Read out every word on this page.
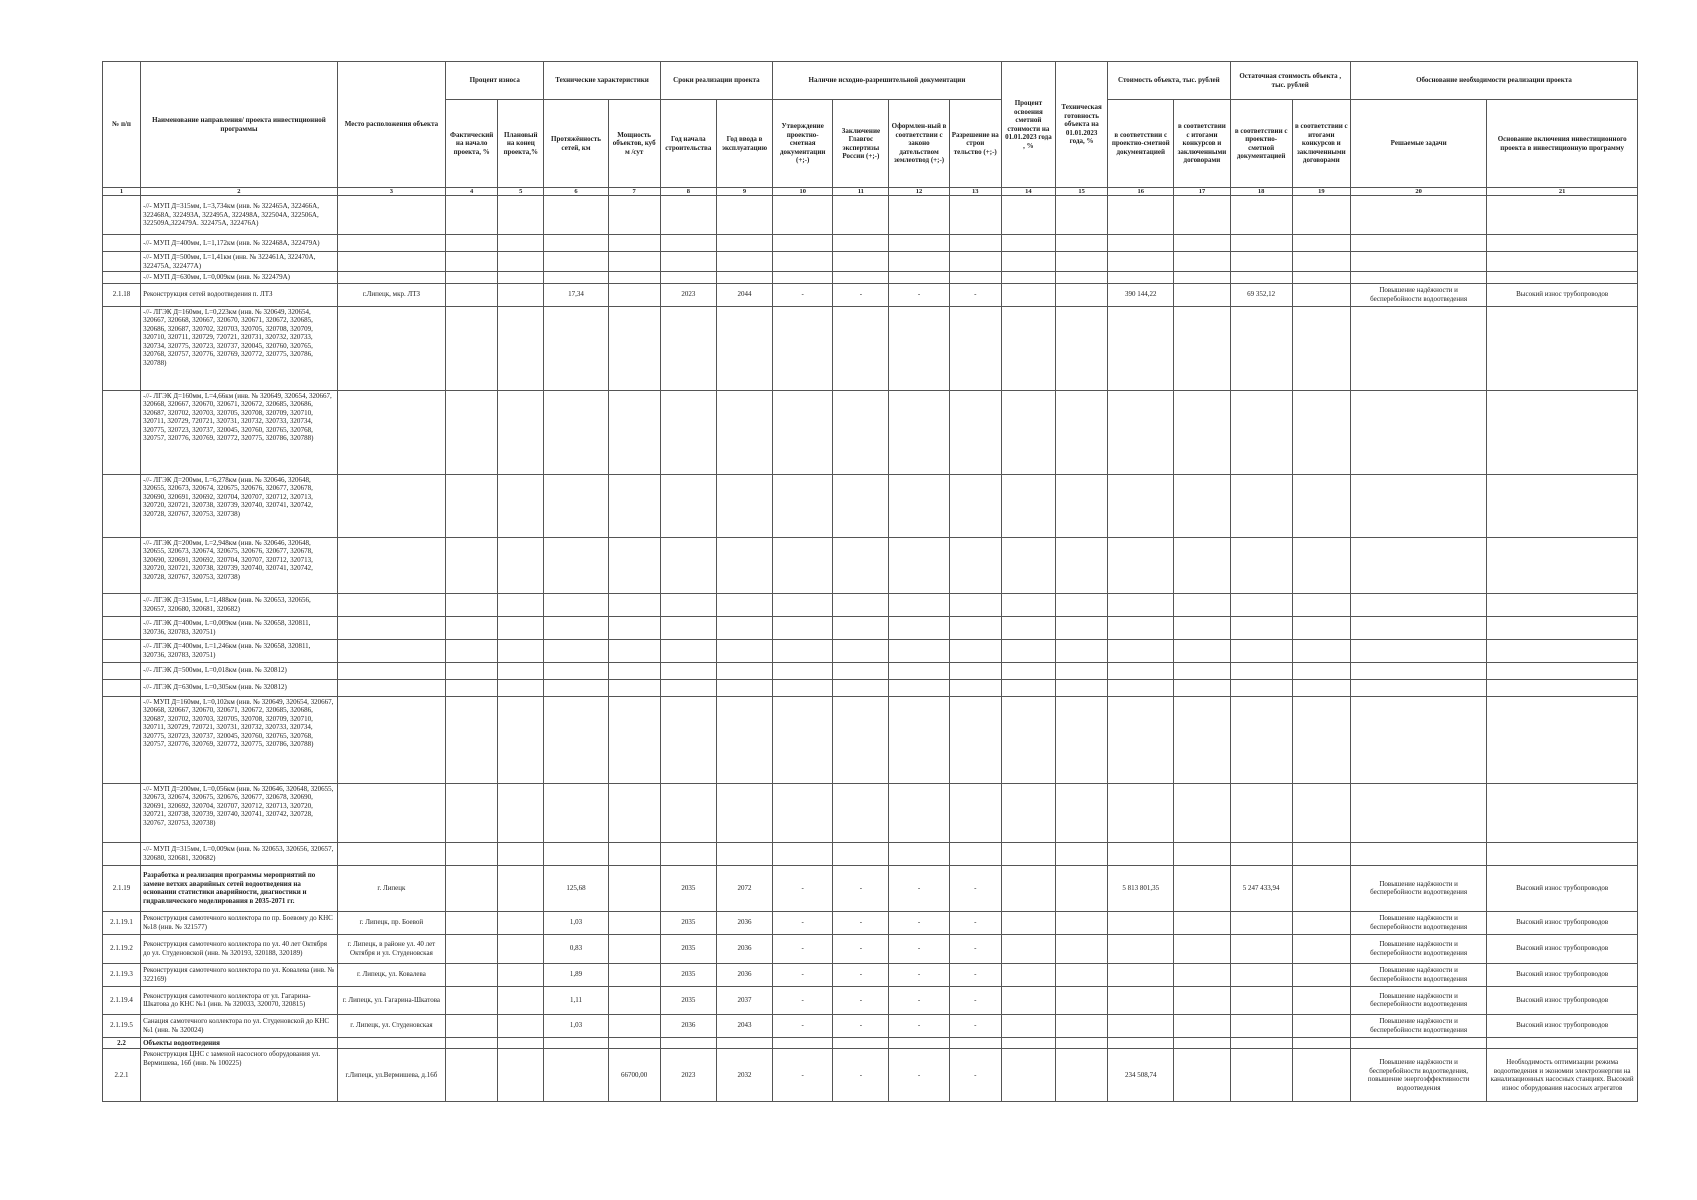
№ п/п	Наименование направления/ проекта инвестиционной программы	Место расположения объекта	Процент износа		Технические характеристики		Сроки реализации проекта		Наличие исходно-разрешительной документации				Процент освоения сметной стоимости на 01.01.2023 года , %	Техническая готовность объекта на 01.01.2023 года, %	Стоимость объекта, тыс. рублей		Остаточная стоимость объекта , тыс. рублей		Обоснование необходимости реализации проекта	
			Фактический на начало проекта, %	Плановый на конец проекта,%	Протяжённость сетей, км	Мощность объектов, куб м /сут	Год начала строительства	Год ввода в эксплуатацию	Утверждение проектно-сметная документации (+;-)	Заключение Главгос экспертизы России (+;-)	Оформлен-ный в соответствии с законо дательством землеотвод (+;-)	Разрешение на строи тельство (+;-)			в соответствии с проектно-сметной документацией	в соответствии с итогами конкурсов и заключенными договорами	в соответствии с проектно-сметной документацией	в соответствии с итогами конкурсов и заключенными договорами	Решаемые задачи	Основание включения инвестиционного проекта в инвестиционную программу
1	2	3	4	5	6	7	8	9	10	11	12	13	14	15	16	17	18	19	20	21
	-//- МУП Д=315мм, L=3,734км (инв. № 322465А, 322466А, 322468А, 322493А, 322495А, 322498А, 322504А, 322506А, 322509А,322479А. 322475А, 322476А)																			
	-//- МУП Д=400мм, L=1,172км (инв. № 322468А, 322479А)																			
	-//- МУП Д=500мм, L=1,41км (инв. № 322461А, 322470А, 322475А, 322477А)																			
	-//- МУП Д=630мм, L=0,009км (инв. № 322479А)																			
2.1.18	Реконструкция сетей водоотведения п. ЛТЗ	г.Липецк, мкр. ЛТЗ			17,34		2023	2044	-	-	-	-			390 144,22		69 352,12		Повышение надёжности и бесперебойности водоотведения	Высокий износ трубопроводов
	-//- ЛГЭК Д=160мм, L=0,223км (инв. № 320649, 320654, 320667, 320668, 320667, 320670, 320671, 320672, 320685, 320686, 320687, 320702, 320703, 320705, 320708, 320709, 320710, 320711, 320729, 720721, 320731, 320732, 320733, 320734, 320775, 320723, 320737, 320045, 320760, 320765, 320768, 320757, 320776, 320769, 320772, 320775, 320786, 320788)																			
	-//- ЛГЭК Д=160мм, L=4,66км (инв. № 320649, 320654, 320667, 320668, 320667, 320670, 320671, 320672, 320685, 320686, 320687, 320702, 320703, 320705, 320708, 320709, 320710, 320711, 320729, 720721, 320731, 320732, 320733, 320734, 320775, 320723, 320737, 320045, 320760, 320765, 320768, 320757, 320776, 320769, 320772, 320775, 320786, 320788)																			
	-//- ЛГЭК Д=200мм, L=6,278км (инв. № 320646, 320648, 320655, 320673, 320674, 320675, 320676, 320677, 320678, 320690, 320691, 320692, 320704, 320707, 320712, 320713, 320720, 320721, 320738, 320739, 320740, 320741, 320742, 320728, 320767, 320753, 320738)																			
	-//- ЛГЭК Д=200мм, L=2,948км (инв. № 320646, 320648, 320655, 320673, 320674, 320675, 320676, 320677, 320678, 320690, 320691, 320692, 320704, 320707, 320712, 320713, 320720, 320721, 320738, 320739, 320740, 320741, 320742, 320728, 320767, 320753, 320738)																			
	-//- ЛГЭК Д=315мм, L=1,488км (инв. № 320653, 320656, 320657, 320680, 320681, 320682)																			
	-//- ЛГЭК Д=400мм, L=0,009км (инв. № 320658, 320811, 320736, 320783, 320751)																			
	-//- ЛГЭК Д=400мм, L=1,246км (инв. № 320658, 320811, 320736, 320783, 320751)																			
	-//- ЛГЭК Д=500мм, L=0,018км (инв. № 320812)																			
	-//- ЛГЭК Д=630мм, L=0,305км (инв. № 320812)																			
	-//- МУП Д=160мм, L=0,102км (инв. № 320649, 320654, 320667, 320668, 320667, 320670, 320671, 320672, 320685, 320686, 320687, 320702, 320703, 320705, 320708, 320709, 320710, 320711, 320729, 720721, 320731, 320732, 320733, 320734, 320775, 320723, 320737, 320045, 320760, 320765, 320768, 320757, 320776, 320769, 320772, 320775, 320786, 320788)																			
	-//- МУП Д=200мм, L=0,056км (инв. № 320646, 320648, 320655, 320673, 320674, 320675, 320676, 320677, 320678, 320690, 320691, 320692, 320704, 320707, 320712, 320713, 320720, 320721, 320738, 320739, 320740, 320741, 320742, 320728, 320767, 320753, 320738)																			
	-//- МУП Д=315мм, L=0,009км (инв. № 320653, 320656, 320657, 320680, 320681, 320682)																			
2.1.19	Разработка и реализация программы мероприятий по замене ветхих аварийных сетей водоотведения на основании статистики аварийности, диагностики и гидравлического моделирования в 2035-2071 гг.	г. Липецк			125,68		2035	2072	-	-	-	-			5 813 801,35		5 247 433,94		Повышение надёжности и бесперебойности водоотведения	Высокий износ трубопроводов
2.1.19.1	Реконструкция самотечного коллектора по пр. Боевому до КНС №18 (инв. № 321577)	г. Липецк, пр. Боевой			1,03		2035	2036	-	-	-	-							Повышение надёжности и бесперебойности водоотведения	Высокий износ трубопроводов
2.1.19.2	Реконструкция самотечного коллектора по ул. 40 лет Октября до ул. Студеновской (инв. № 320193, 320188, 320189)	г. Липецк, в районе ул. 40 лет Октября и ул. Студеновская			0,83		2035	2036	-	-	-	-							Повышение надёжности и бесперебойности водоотведения	Высокий износ трубопроводов
2.1.19.3	Реконструкция самотечного коллектора по ул. Ковалева (инв. № 322169)	г. Липецк, ул. Ковалева			1,89		2035	2036	-	-	-	-							Повышение надёжности и бесперебойности водоотведения	Высокий износ трубопроводов
2.1.19.4	Реконструкция самотечного коллектора от ул. Гагарина-Шкатова до КНС №1 (инв. № 320033, 320070, 320815)	г. Липецк, ул. Гагарина-Шкатова			1,11		2035	2037	-	-	-	-							Повышение надёжности и бесперебойности водоотведения	Высокий износ трубопроводов
2.1.19.5	Санация самотечного коллектора по ул. Студеновской до КНС №1 (инв. № 320024)	г. Липецк, ул. Студеновская			1,03		2036	2043	-	-	-	-							Повышение надёжности и бесперебойности водоотведения	Высокий износ трубопроводов
2.2	Объекты водоотведения																			
2.2.1	Реконструкция ЦНС с заменой насосного оборудования ул. Вермишева, 16б (инв. № 100225)	г.Липецк, ул.Вермишева, д.16б				66700,00	2023	2032	-	-	-	-			234 508,74				Повышение надёжности и бесперебойности водоотведения, повышение энергоэффективности водоотведения	Необходимость оптимизации режима водоотведения и экономии электроэнергии на канализационных насосных станциях. Высокий износ оборудования насосных агрегатов
